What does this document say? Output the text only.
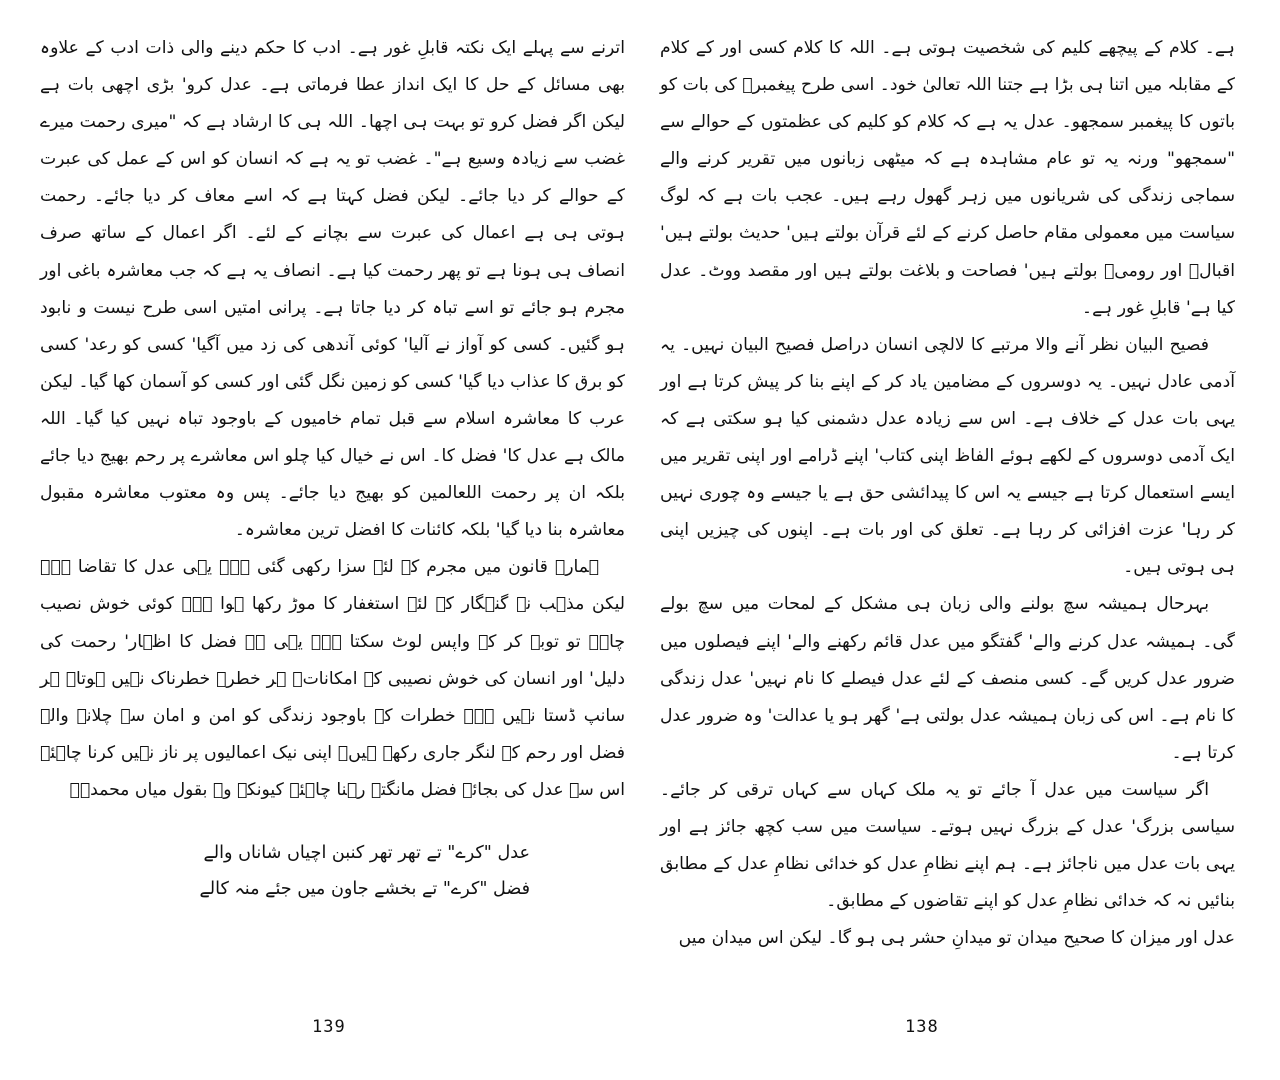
اترنے سے پہلے ایک نکتہ قابلِ غور ہے۔ ادب کا حکم دینے والی ذات ادب کے علاوہ بھی مسائل کے حل کا ایک انداز عطا فرماتی ہے۔ عدل کرو' بڑی اچھی بات ہے لیکن اگر فضل کرو تو بہت ہی اچھا۔ اللہ ہی کا ارشاد ہے کہ "میری رحمت میرے غضب سے زیادہ وسیع ہے"۔ غضب تو یہ ہے کہ انسان کو اس کے عمل کی عبرت کے حوالے کر دیا جائے۔ لیکن فضل کہتا ہے کہ اسے معاف کر دیا جائے۔ رحمت ہوتی ہی ہے اعمال کی عبرت سے بچانے کے لئے۔ اگر اعمال کے ساتھ صرف انصاف ہی ہونا ہے تو پھر رحمت کیا ہے۔ انصاف یہ ہے کہ جب معاشرہ باغی اور مجرم ہو جائے تو اسے تباہ کر دیا جاتا ہے۔ پرانی امتیں اسی طرح نیست و نابود ہو گئیں۔ کسی کو آواز نے آلیا' کوئی آندھی کی زد میں آگیا' کسی کو رعد' کسی کو برق کا عذاب دیا گیا' کسی کو زمین نگل گئی اور کسی کو آسمان کھا گیا۔ لیکن عرب کا معاشرہ اسلام سے قبل تمام خامیوں کے باوجود تباہ نہیں کیا گیا۔ اللہ مالک ہے عدل کا' فضل کا۔ اس نے خیال کیا چلو اس معاشرے پر رحم بھیج دیا جائے بلکہ ان پر رحمت اللعالمین کو بھیج دیا جائے۔ پس وہ معتوب معاشرہ مقبول معاشرہ بنا دیا گیا' بلکہ کائنات کا افضل ترین معاشرہ۔

ہمارے قانون میں مجرم کے لئے سزا رکھی گئی ہے۔ یہی عدل کا تقاضا ہے۔ لیکن مذہب نے گنہگار کے لئے استغفار کا موڑ رکھا ہوا ہے۔ کوئی خوش نصیب چاہے تو توبہ کر کے واپس لوٹ سکتا ہے۔ یہی ہے فضل کا اظہار' رحمت کی دلیل' اور انسان کی خوش نصیبی کے امکانات۔ ہر خطرہ خطرناک نہیں ہوتا۔ ہر سانپ ڈستا نہیں ہے۔ خطرات کے باوجود زندگی کو امن و امان سے چلانے والے فضل اور رحم کے لنگر جاری رکھے ہیں۔ اپنی نیک اعمالیوں پر ناز نہیں کرنا چاہئے اس سے عدل کی بجائے فضل مانگتے رہنا چاہئے کیونکہ وہ بقول میاں محمدؒ۔

عدل "کرے" تے تھر تھر کنبن اچیاں شاناں والے
فضل "کرے" تے بخشے جاون میں جئے منہ کالے
139

ہے۔ کلام کے پیچھے کلیم کی شخصیت ہوتی ہے۔ اللہ کا کلام کسی اور کے کلام کے مقابلہ میں اتنا ہی بڑا ہے جتنا اللہ تعالیٰ خود۔ اسی طرح پیغمبرؐ کی بات کو باتوں کا پیغمبر سمجھو۔ عدل یہ ہے کہ کلام کو کلیم کی عظمتوں کے حوالے سے "سمجھو" ورنہ یہ تو عام مشاہدہ ہے کہ میٹھی زبانوں میں تقریر کرنے والے سماجی زندگی کی شریانوں میں زہر گھول رہے ہیں۔ عجب بات ہے کہ لوگ سیاست میں معمولی مقام حاصل کرنے کے لئے قرآن بولتے ہیں' حدیث بولتے ہیں' اقبالؒ اور رومیؒ بولتے ہیں' فصاحت و بلاغت بولتے ہیں اور مقصد ووٹ۔ عدل کیا ہے' قابلِ غور ہے۔

فصیح البیان نظر آنے والا مرتبے کا لالچی انسان دراصل فصیح البیان نہیں۔ یہ آدمی عادل نہیں۔ یہ دوسروں کے مضامین یاد کر کے اپنے بنا کر پیش کرتا ہے اور یہی بات عدل کے خلاف ہے۔ اس سے زیادہ عدل دشمنی کیا ہو سکتی ہے کہ ایک آدمی دوسروں کے لکھے ہوئے الفاظ اپنی کتاب' اپنے ڈرامے اور اپنی تقریر میں ایسے استعمال کرتا ہے جیسے یہ اس کا پیدائشی حق ہے یا جیسے وہ چوری نہیں کر رہا' عزت افزائی کر رہا ہے۔ تعلق کی اور بات ہے۔ اپنوں کی چیزیں اپنی ہی ہوتی ہیں۔

بہرحال ہمیشہ سچ بولنے والی زبان ہی مشکل کے لمحات میں سچ بولے گی۔ ہمیشہ عدل کرنے والے' گفتگو میں عدل قائم رکھنے والے' اپنے فیصلوں میں ضرور عدل کریں گے۔ کسی منصف کے لئے عدل فیصلے کا نام نہیں' عدل زندگی کا نام ہے۔ اس کی زبان ہمیشہ عدل بولتی ہے' گھر ہو یا عدالت' وہ ضرور عدل کرتا ہے۔

اگر سیاست میں عدل آ جائے تو یہ ملک کہاں سے کہاں ترقی کر جائے۔ سیاسی بزرگ' عدل کے بزرگ نہیں ہوتے۔ سیاست میں سب کچھ جائز ہے اور یہی بات عدل میں ناجائز ہے۔ ہم اپنے نظامِ عدل کو خدائی نظامِ عدل کے مطابق بنائیں نہ کہ خدائی نظامِ عدل کو اپنے تقاضوں کے مطابق۔

عدل اور میزان کا صحیح میدان تو میدانِ حشر ہی ہو گا۔ لیکن اس میدان میں

138
